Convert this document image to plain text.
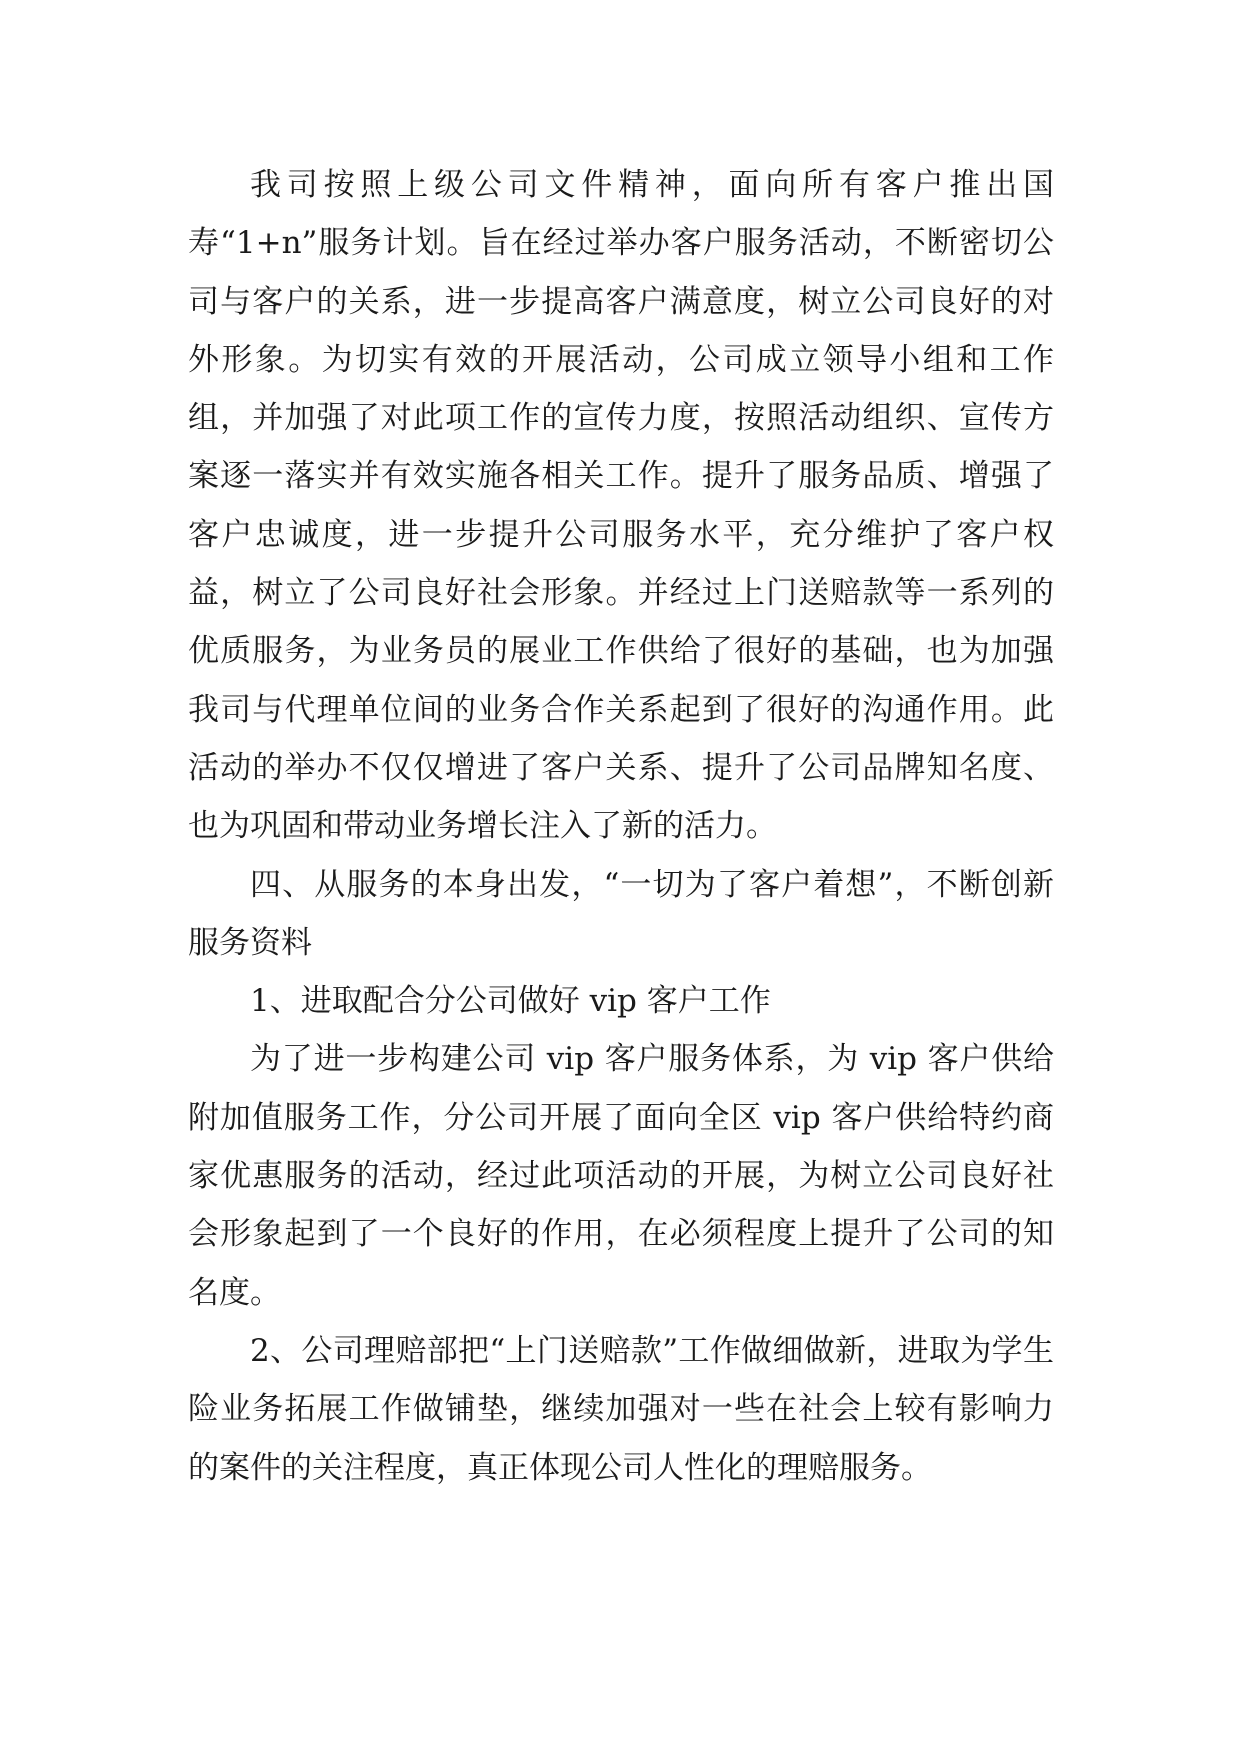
我司按照上级公司文件精神，面向所有客户推出国寿“1+n”服务计划。旨在经过举办客户服务活动，不断密切公司与客户的关系，进一步提高客户满意度，树立公司良好的对外形象。为切实有效的开展活动，公司成立领导小组和工作组，并加强了对此项工作的宣传力度，按照活动组织、宣传方案逐一落实并有效实施各相关工作。提升了服务品质、增强了客户忠诚度，进一步提升公司服务水平，充分维护了客户权益，树立了公司良好社会形象。并经过上门送赔款等一系列的优质服务，为业务员的展业工作供给了很好的基础，也为加强我司与代理单位间的业务合作关系起到了很好的沟通作用。此活动的举办不仅仅增进了客户关系、提升了公司品牌知名度、也为巩固和带动业务增长注入了新的活力。

四、从服务的本身出发，“一切为了客户着想”，不断创新服务资料

1、进取配合分公司做好 vip 客户工作

为了进一步构建公司 vip 客户服务体系，为 vip 客户供给附加值服务工作，分公司开展了面向全区 vip 客户供给特约商家优惠服务的活动，经过此项活动的开展，为树立公司良好社会形象起到了一个良好的作用，在必须程度上提升了公司的知名度。

2、公司理赔部把“上门送赔款”工作做细做新，进取为学生险业务拓展工作做铺垫，继续加强对一些在社会上较有影响力的案件的关注程度，真正体现公司人性化的理赔服务。
